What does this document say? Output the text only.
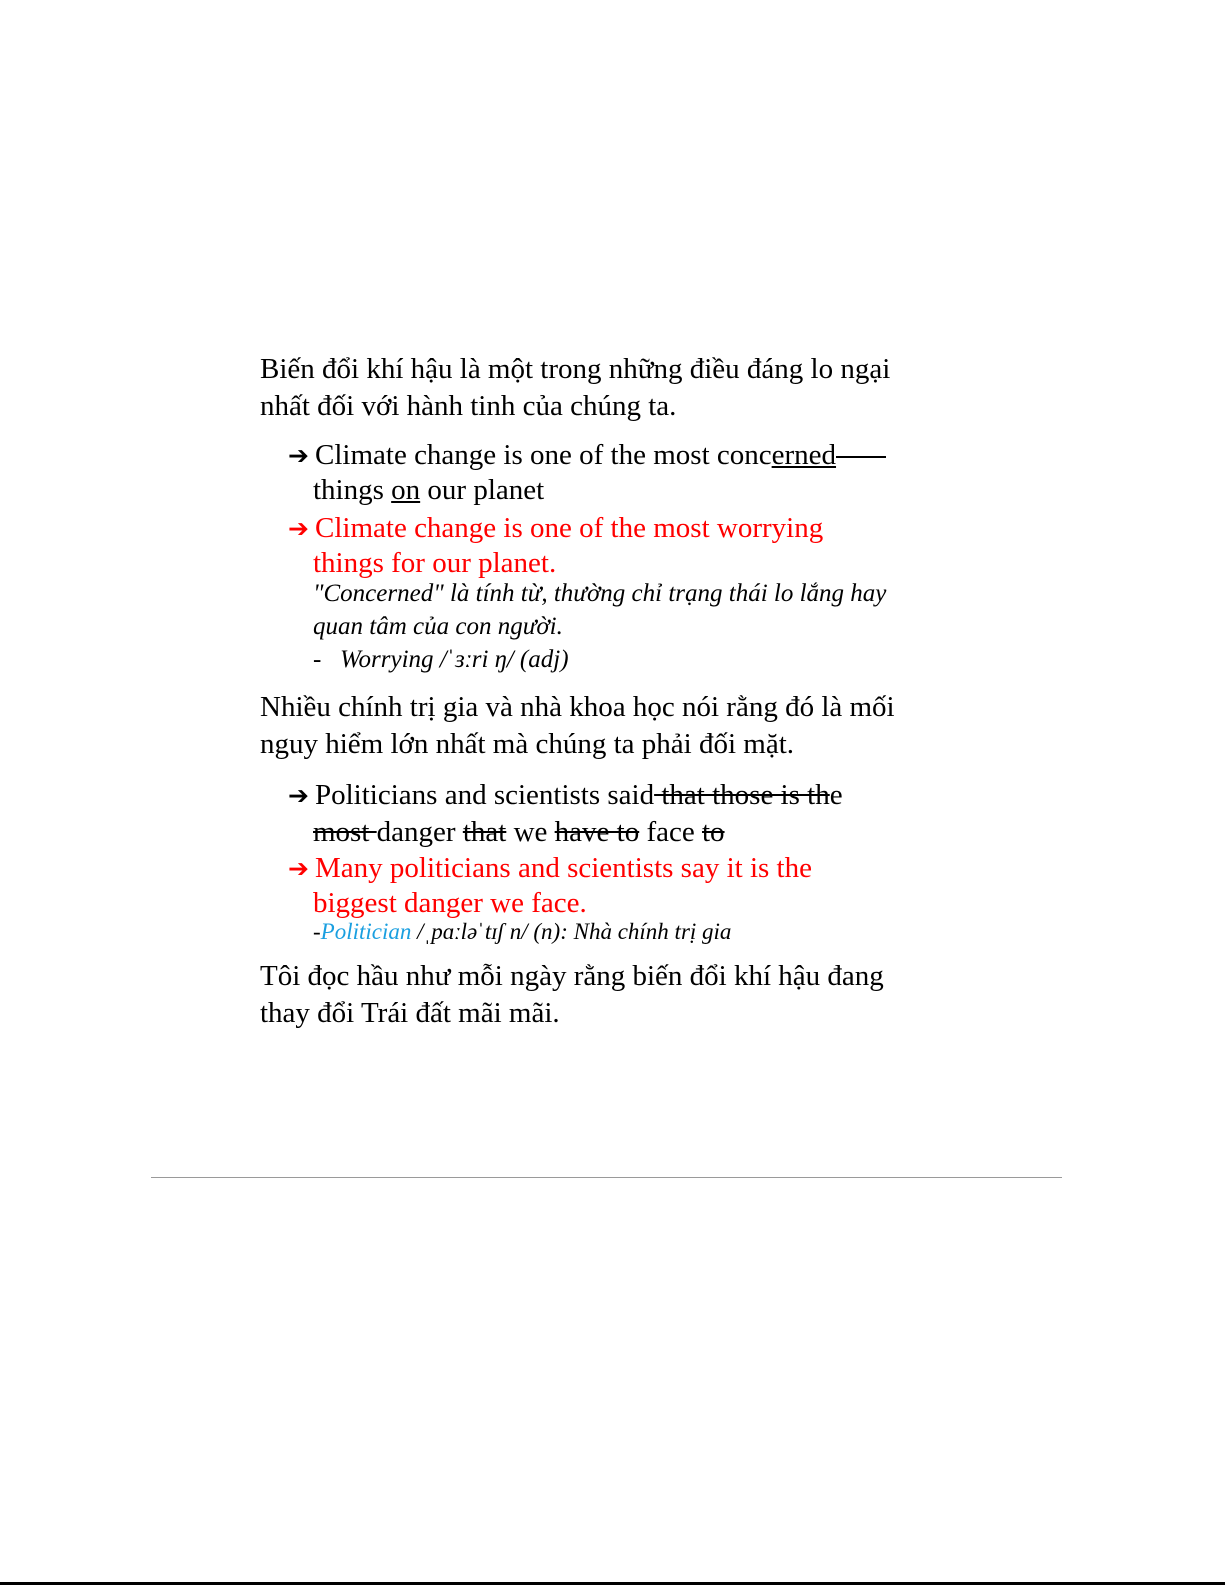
Biến đổi khí hậu là một trong những điều đáng lo ngại
nhất đối với hành tinh của chúng ta.
➔ Climate change is one of the most concerned
things on our planet
➔ Climate change is one of the most worrying
things for our planet.
"Concerned" là tính từ, thường chỉ trạng thái lo lắng hay
quan tâm của con người.
- Worrying /ˈɜːri ŋ/ (adj)
Nhiều chính trị gia và nhà khoa học nói rằng đó là mối
nguy hiểm lớn nhất mà chúng ta phải đối mặt.
➔ Politicians and scientists said that those is the
most danger that we have to face to
➔ Many politicians and scientists say it is the
biggest danger we face.
-Politician /ˌpɑːləˈtɪʃ n/ (n): Nhà chính trị gia
Tôi đọc hầu như mỗi ngày rằng biến đổi khí hậu đang
thay đổi Trái đất mãi mãi.
